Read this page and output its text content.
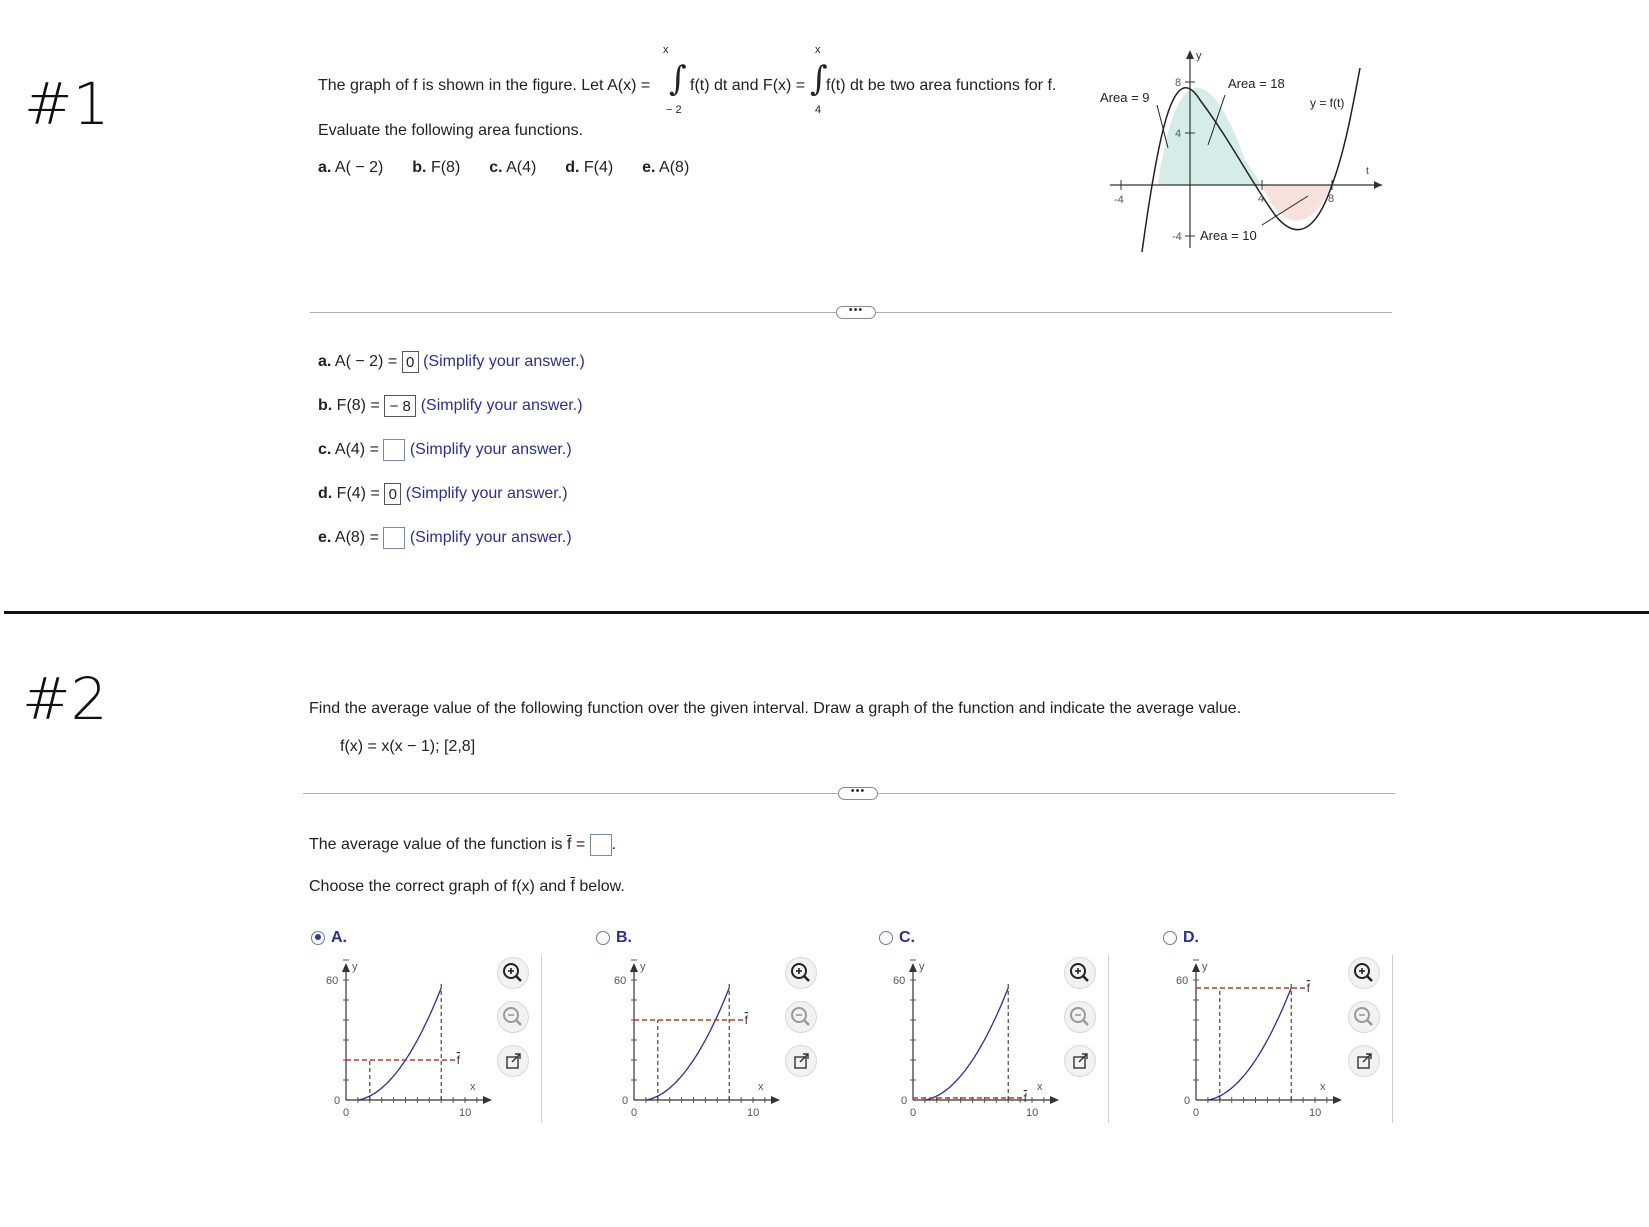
#1	The graph of f is shown in the figure. Let A(x) =
x
∫
− 2
f(t) dt and F(x) =
x
∫
4
f(t) dt be two area functions for f.
Evaluate the following area functions.
a. A( − 2) b. F(8) c. A(4) d. F(4) e. A(8)
y
t
8
4
-4
-4	4	8
Area = 9
Area = 18
Area = 10
y = f(t)
•••
a. A( − 2) = 0 (Simplify your answer.)
b. F(8) = − 8 (Simplify your answer.)
c. A(4) = (Simplify your answer.)
d. F(4) = 0 (Simplify your answer.)
e. A(8) = (Simplify your answer.)
#2	Find the average value of the following function over the given interval. Draw a graph of the function and indicate the average value.
f(x) = x(x − 1); [2,8]
•••
The average value of the function is $\overline{f}$ = .
Choose the correct graph of f(x) and $\overline{f}$ below.
A.
y
x
60
0
0	10
f
B.
y
x
60
0
0	10
f
C.
y
x
60
0
0	10
f
D.
y
x
60
0
0	10
f
